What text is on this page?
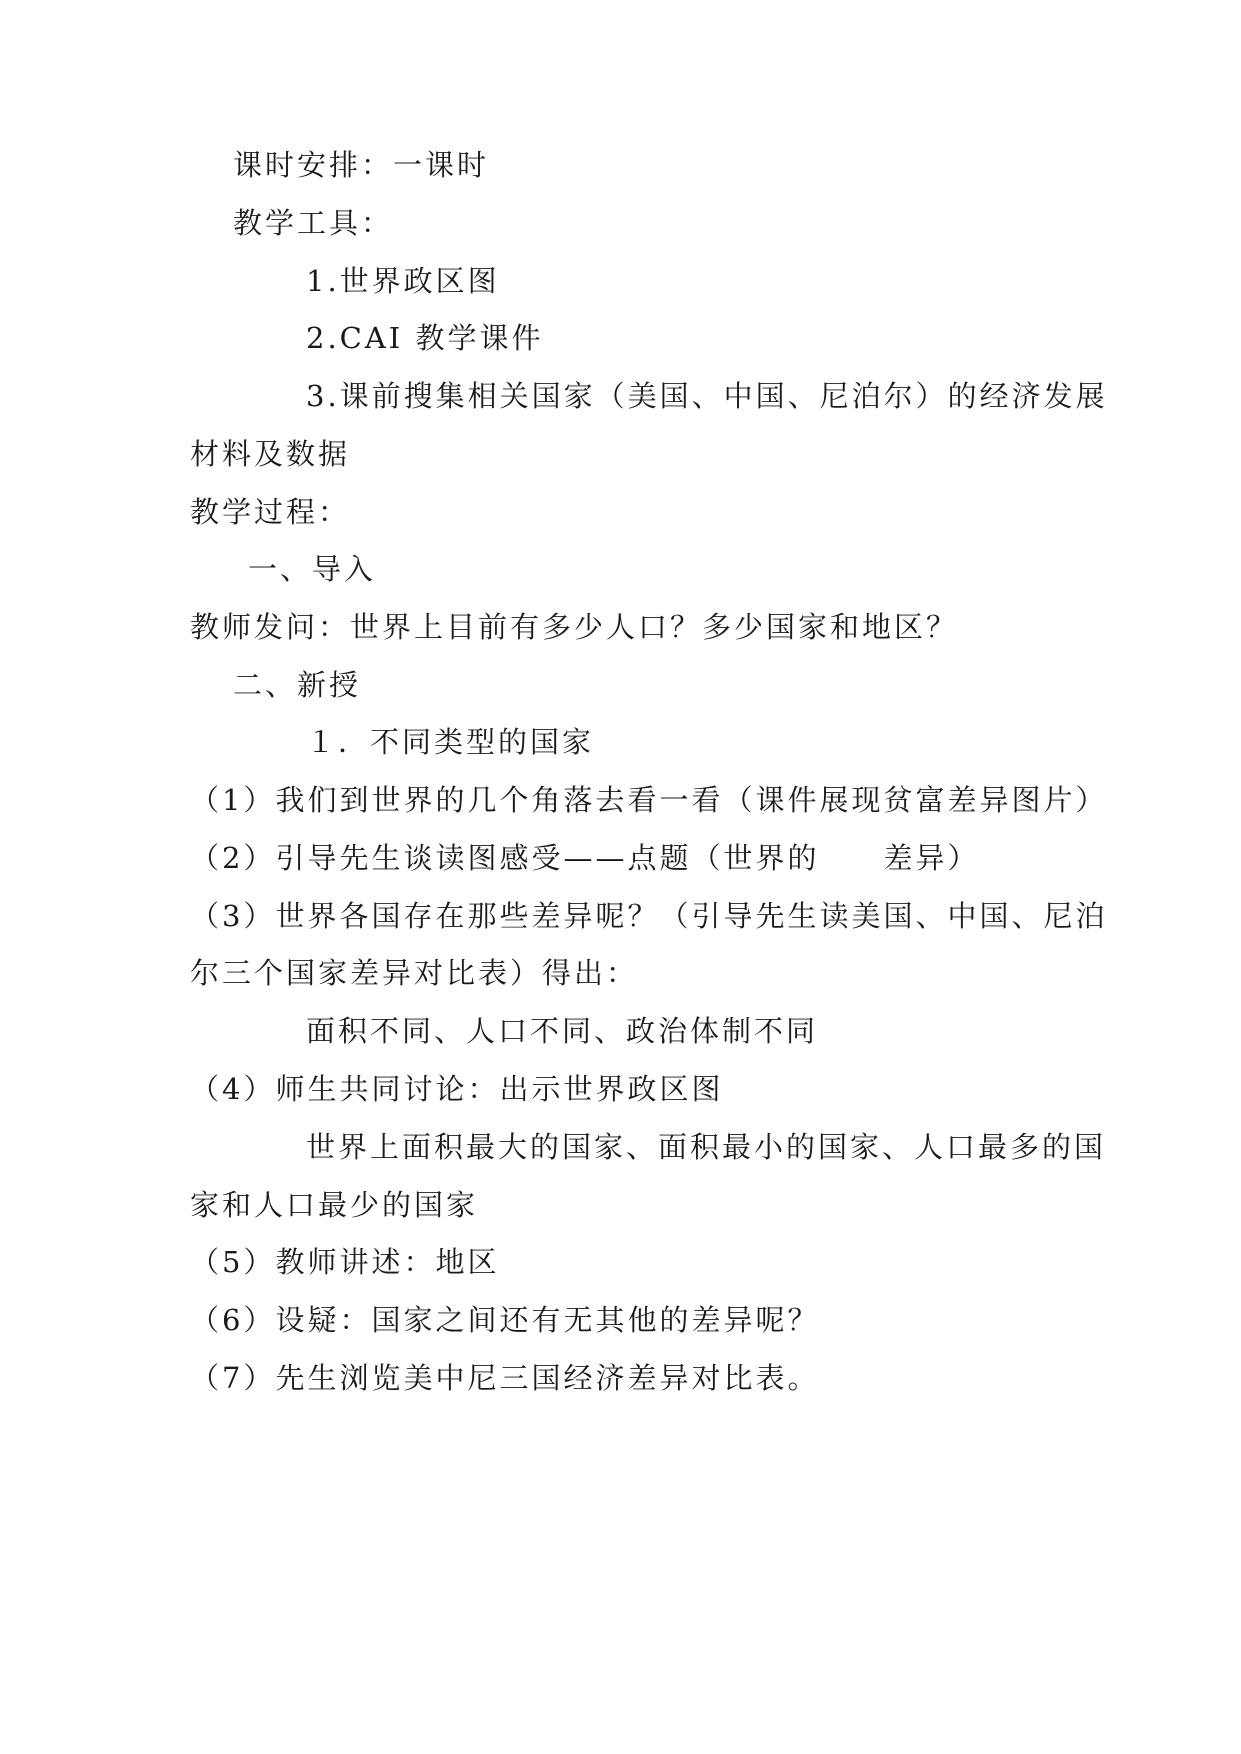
课时安排：一课时
教学工具：
1.世界政区图
2.CAI 教学课件
3.课前搜集相关国家（美国、中国、尼泊尔）的经济发展
材料及数据
教学过程：
一、导入
教师发问：世界上目前有多少人口？多少国家和地区？
二、新授
１．不同类型的国家
（1）我们到世界的几个角落去看一看（课件展现贫富差异图片）
（2）引导先生谈读图感受——点题（世界的　　差异）
（3）世界各国存在那些差异呢？（引导先生读美国、中国、尼泊
尔三个国家差异对比表）得出：
面积不同、人口不同、政治体制不同
（4）师生共同讨论：出示世界政区图
世界上面积最大的国家、面积最小的国家、人口最多的国
家和人口最少的国家
（5）教师讲述：地区
（6）设疑：国家之间还有无其他的差异呢？
（7）先生浏览美中尼三国经济差异对比表。
